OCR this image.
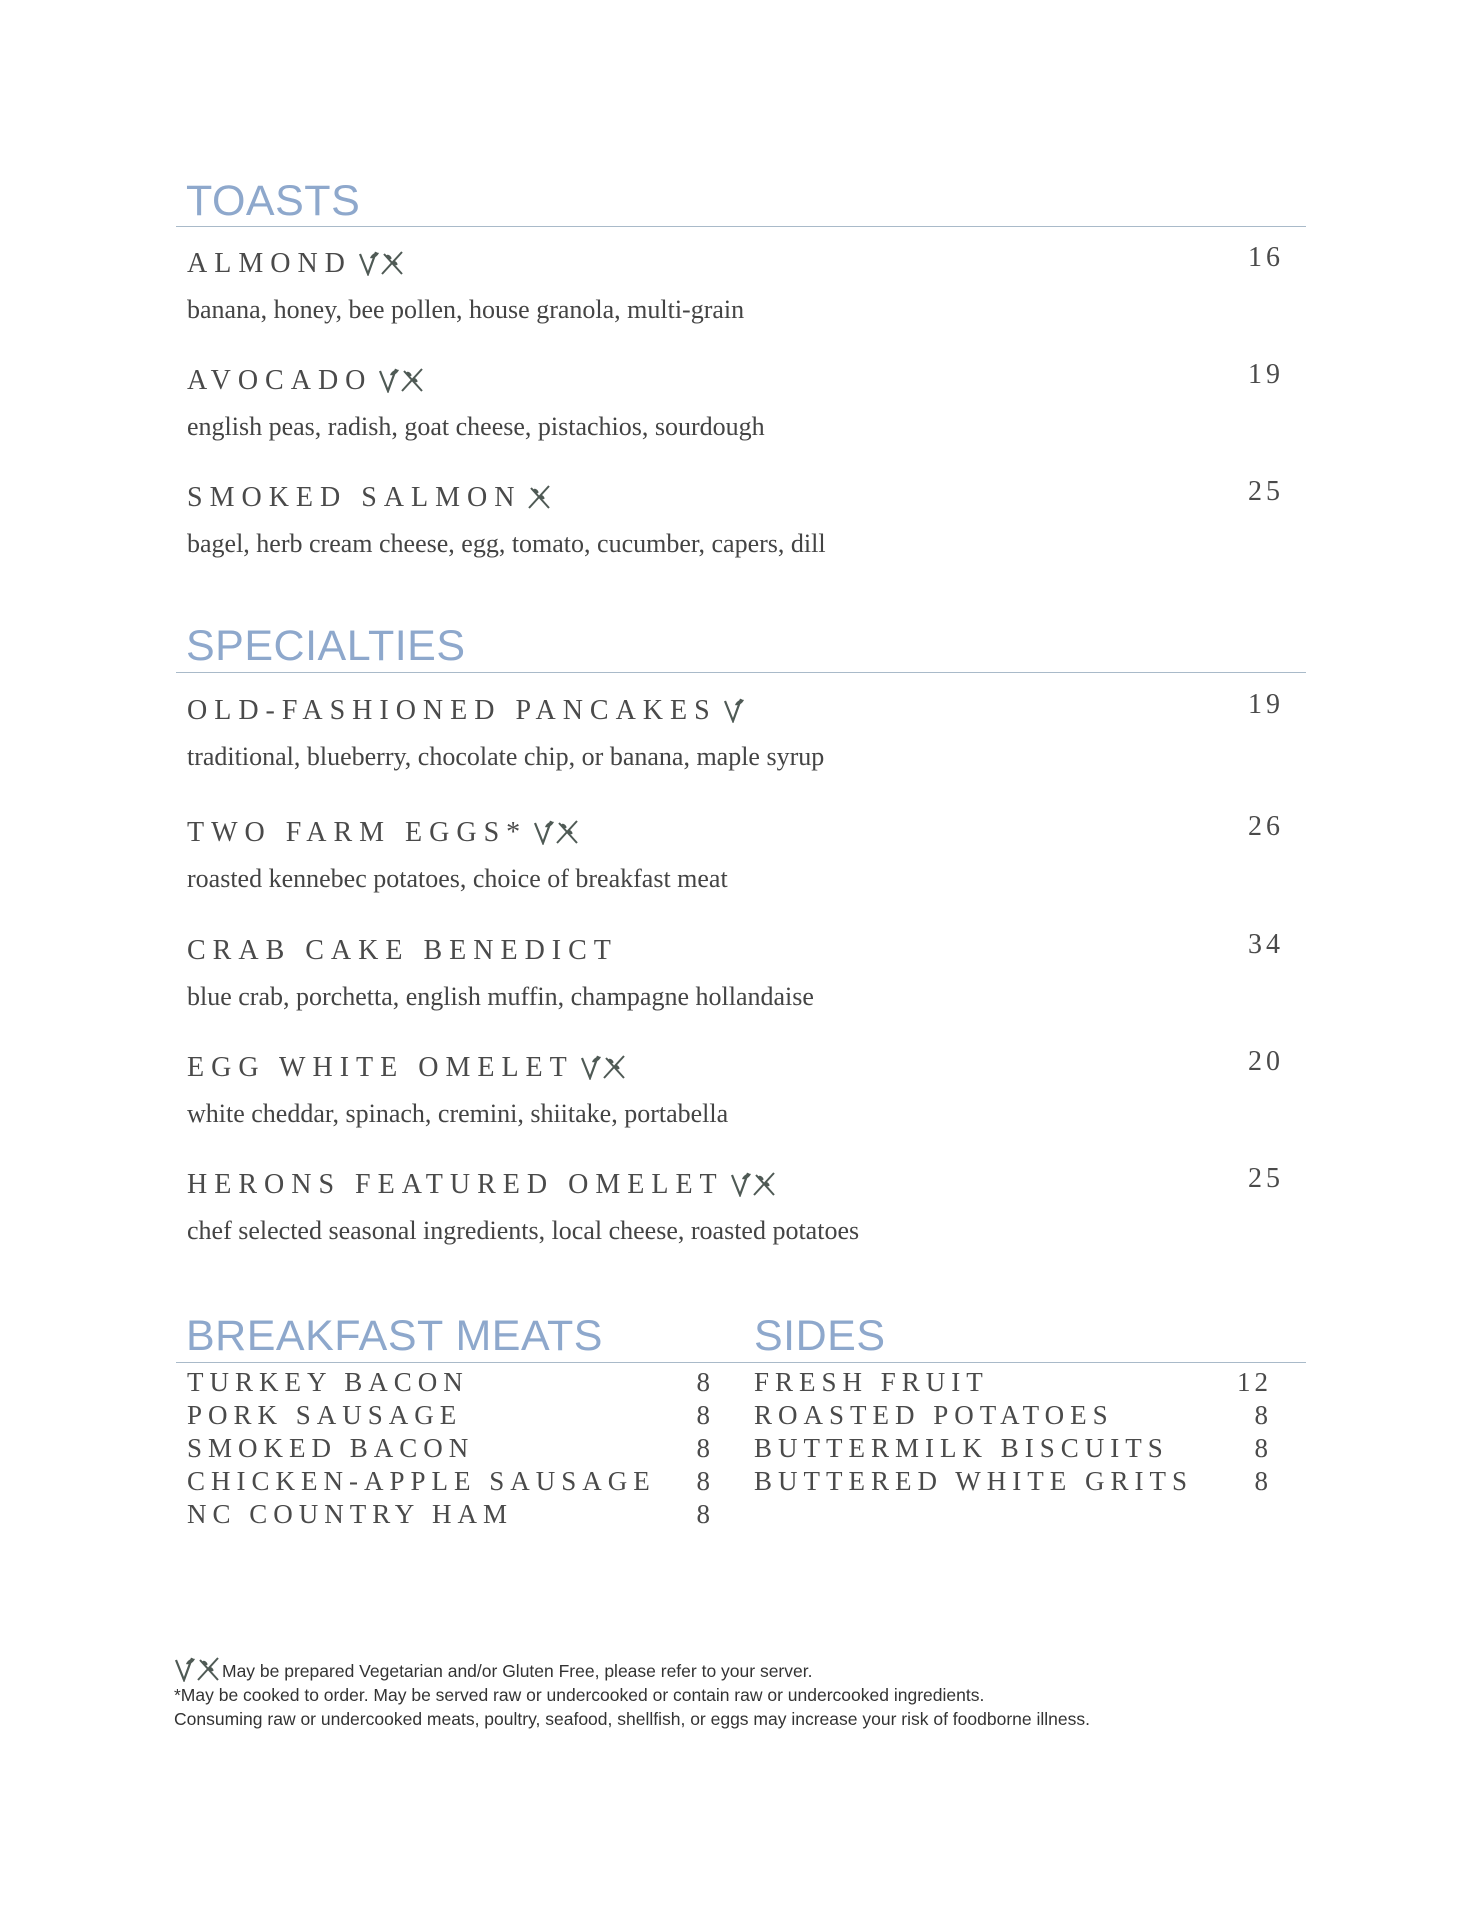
TOASTS
ALMOND	16
banana, honey, bee pollen, house granola, multi-grain
AVOCADO	19
english peas, radish, goat cheese, pistachios, sourdough
SMOKED SALMON	25
bagel, herb cream cheese, egg, tomato, cucumber, capers, dill
SPECIALTIES
OLD-FASHIONED PANCAKES	19
traditional, blueberry, chocolate chip, or banana, maple syrup
TWO FARM EGGS*	26
roasted kennebec potatoes, choice of breakfast meat
CRAB CAKE BENEDICT	34
blue crab, porchetta, english muffin, champagne hollandaise
EGG WHITE OMELET	20
white cheddar, spinach, cremini, shiitake, portabella
HERONS FEATURED OMELET	25
chef selected seasonal ingredients, local cheese, roasted potatoes
BREAKFAST MEATS	SIDES
TURKEY BACON	8
PORK SAUSAGE	8
SMOKED BACON	8
CHICKEN-APPLE SAUSAGE 8
NC COUNTRY HAM	8
FRESH FRUIT	12
ROASTED POTATOES	8
BUTTERMILK BISCUITS	8
BUTTERED WHITE GRITS 8
May be prepared Vegetarian and/or Gluten Free, please refer to your server.
*May be cooked to order. May be served raw or undercooked or contain raw or undercooked ingredients.
Consuming raw or undercooked meats, poultry, seafood, shellfish, or eggs may increase your risk of foodborne illness.
